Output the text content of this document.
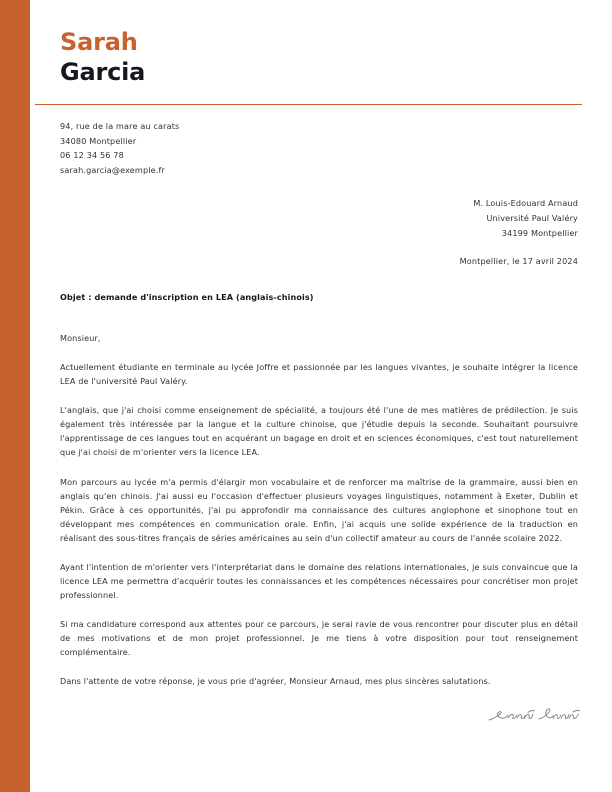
Sarah
Garcia
94, rue de la mare au carats
34080 Montpellier
06 12 34 56 78
sarah.garcia@exemple.fr
M. Louis-Edouard Arnaud
Université Paul Valéry
34199 Montpellier
Montpellier, le 17 avril 2024
Objet : demande d'inscription en LEA (anglais-chinois)

Monsieur,

Actuellement étudiante en terminale au lycée Joffre et passionnée par les langues vivantes, je souhaite intégrer la licence LEA de l'université Paul Valéry.

L'anglais, que j'ai choisi comme enseignement de spécialité, a toujours été l'une de mes matières de prédilection. Je suis également très intéressée par la langue et la culture chinoise, que j'étudie depuis la seconde. Souhaitant poursuivre l'apprentissage de ces langues tout en acquérant un bagage en droit et en sciences économiques, c'est tout naturellement que j'ai choisi de m'orienter vers la licence LEA.

Mon parcours au lycée m'a permis d'élargir mon vocabulaire et de renforcer ma maîtrise de la grammaire, aussi bien en anglais qu'en chinois. J'ai aussi eu l'occasion d'effectuer plusieurs voyages linguistiques, notamment à Exeter, Dublin et Pékin. Grâce à ces opportunités, j'ai pu approfondir ma connaissance des cultures anglophone et sinophone tout en développant mes compétences en communication orale. Enfin, j'ai acquis une solide expérience de la traduction en réalisant des sous-titres français de séries américaines au sein d'un collectif amateur au cours de l'année scolaire 2022.

Ayant l'intention de m'orienter vers l'interprétariat dans le domaine des relations internationales, je suis convaincue que la licence LEA me permettra d'acquérir toutes les connaissances et les compétences nécessaires pour concrétiser mon projet professionnel.

Si ma candidature correspond aux attentes pour ce parcours, je serai ravie de vous rencontrer pour discuter plus en détail de mes motivations et de mon projet professionnel. Je me tiens à votre disposition pour tout renseignement complémentaire.

Dans l'attente de votre réponse, je vous prie d'agréer, Monsieur Arnaud, mes plus sincères salutations.
